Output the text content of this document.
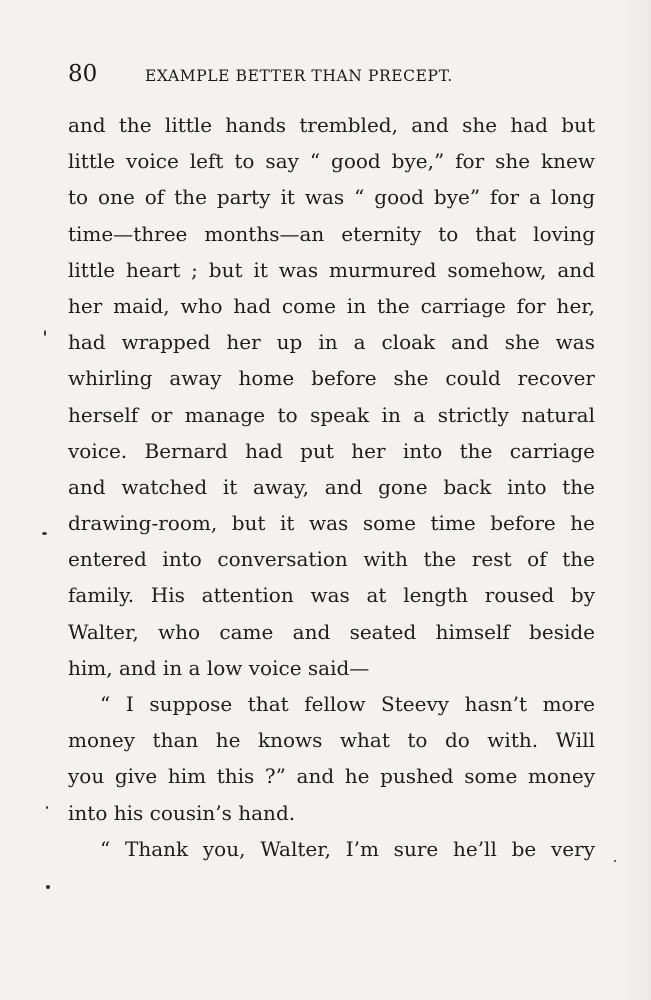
80	EXAMPLE BETTER THAN PRECEPT.
and the little hands trembled, and she had but
little voice left to say “ good bye,” for she knew
to one of the party it was “ good bye” for a long
time—three months—an eternity to that loving
little heart ; but it was murmured somehow, and
her maid, who had come in the carriage for her,
had wrapped her up in a cloak and she was
whirling away home before she could recover
herself or manage to speak in a strictly natural
voice. Bernard had put her into the carriage
and watched it away, and gone back into the
drawing-room, but it was some time before he
entered into conversation with the rest of the
family. His attention was at length roused by
Walter, who came and seated himself beside
him, and in a low voice said—
“ I suppose that fellow Steevy hasn’t more
money than he knows what to do with. Will
you give him this ?” and he pushed some money
into his cousin’s hand.
“ Thank you, Walter, I’m sure he’ll be very
